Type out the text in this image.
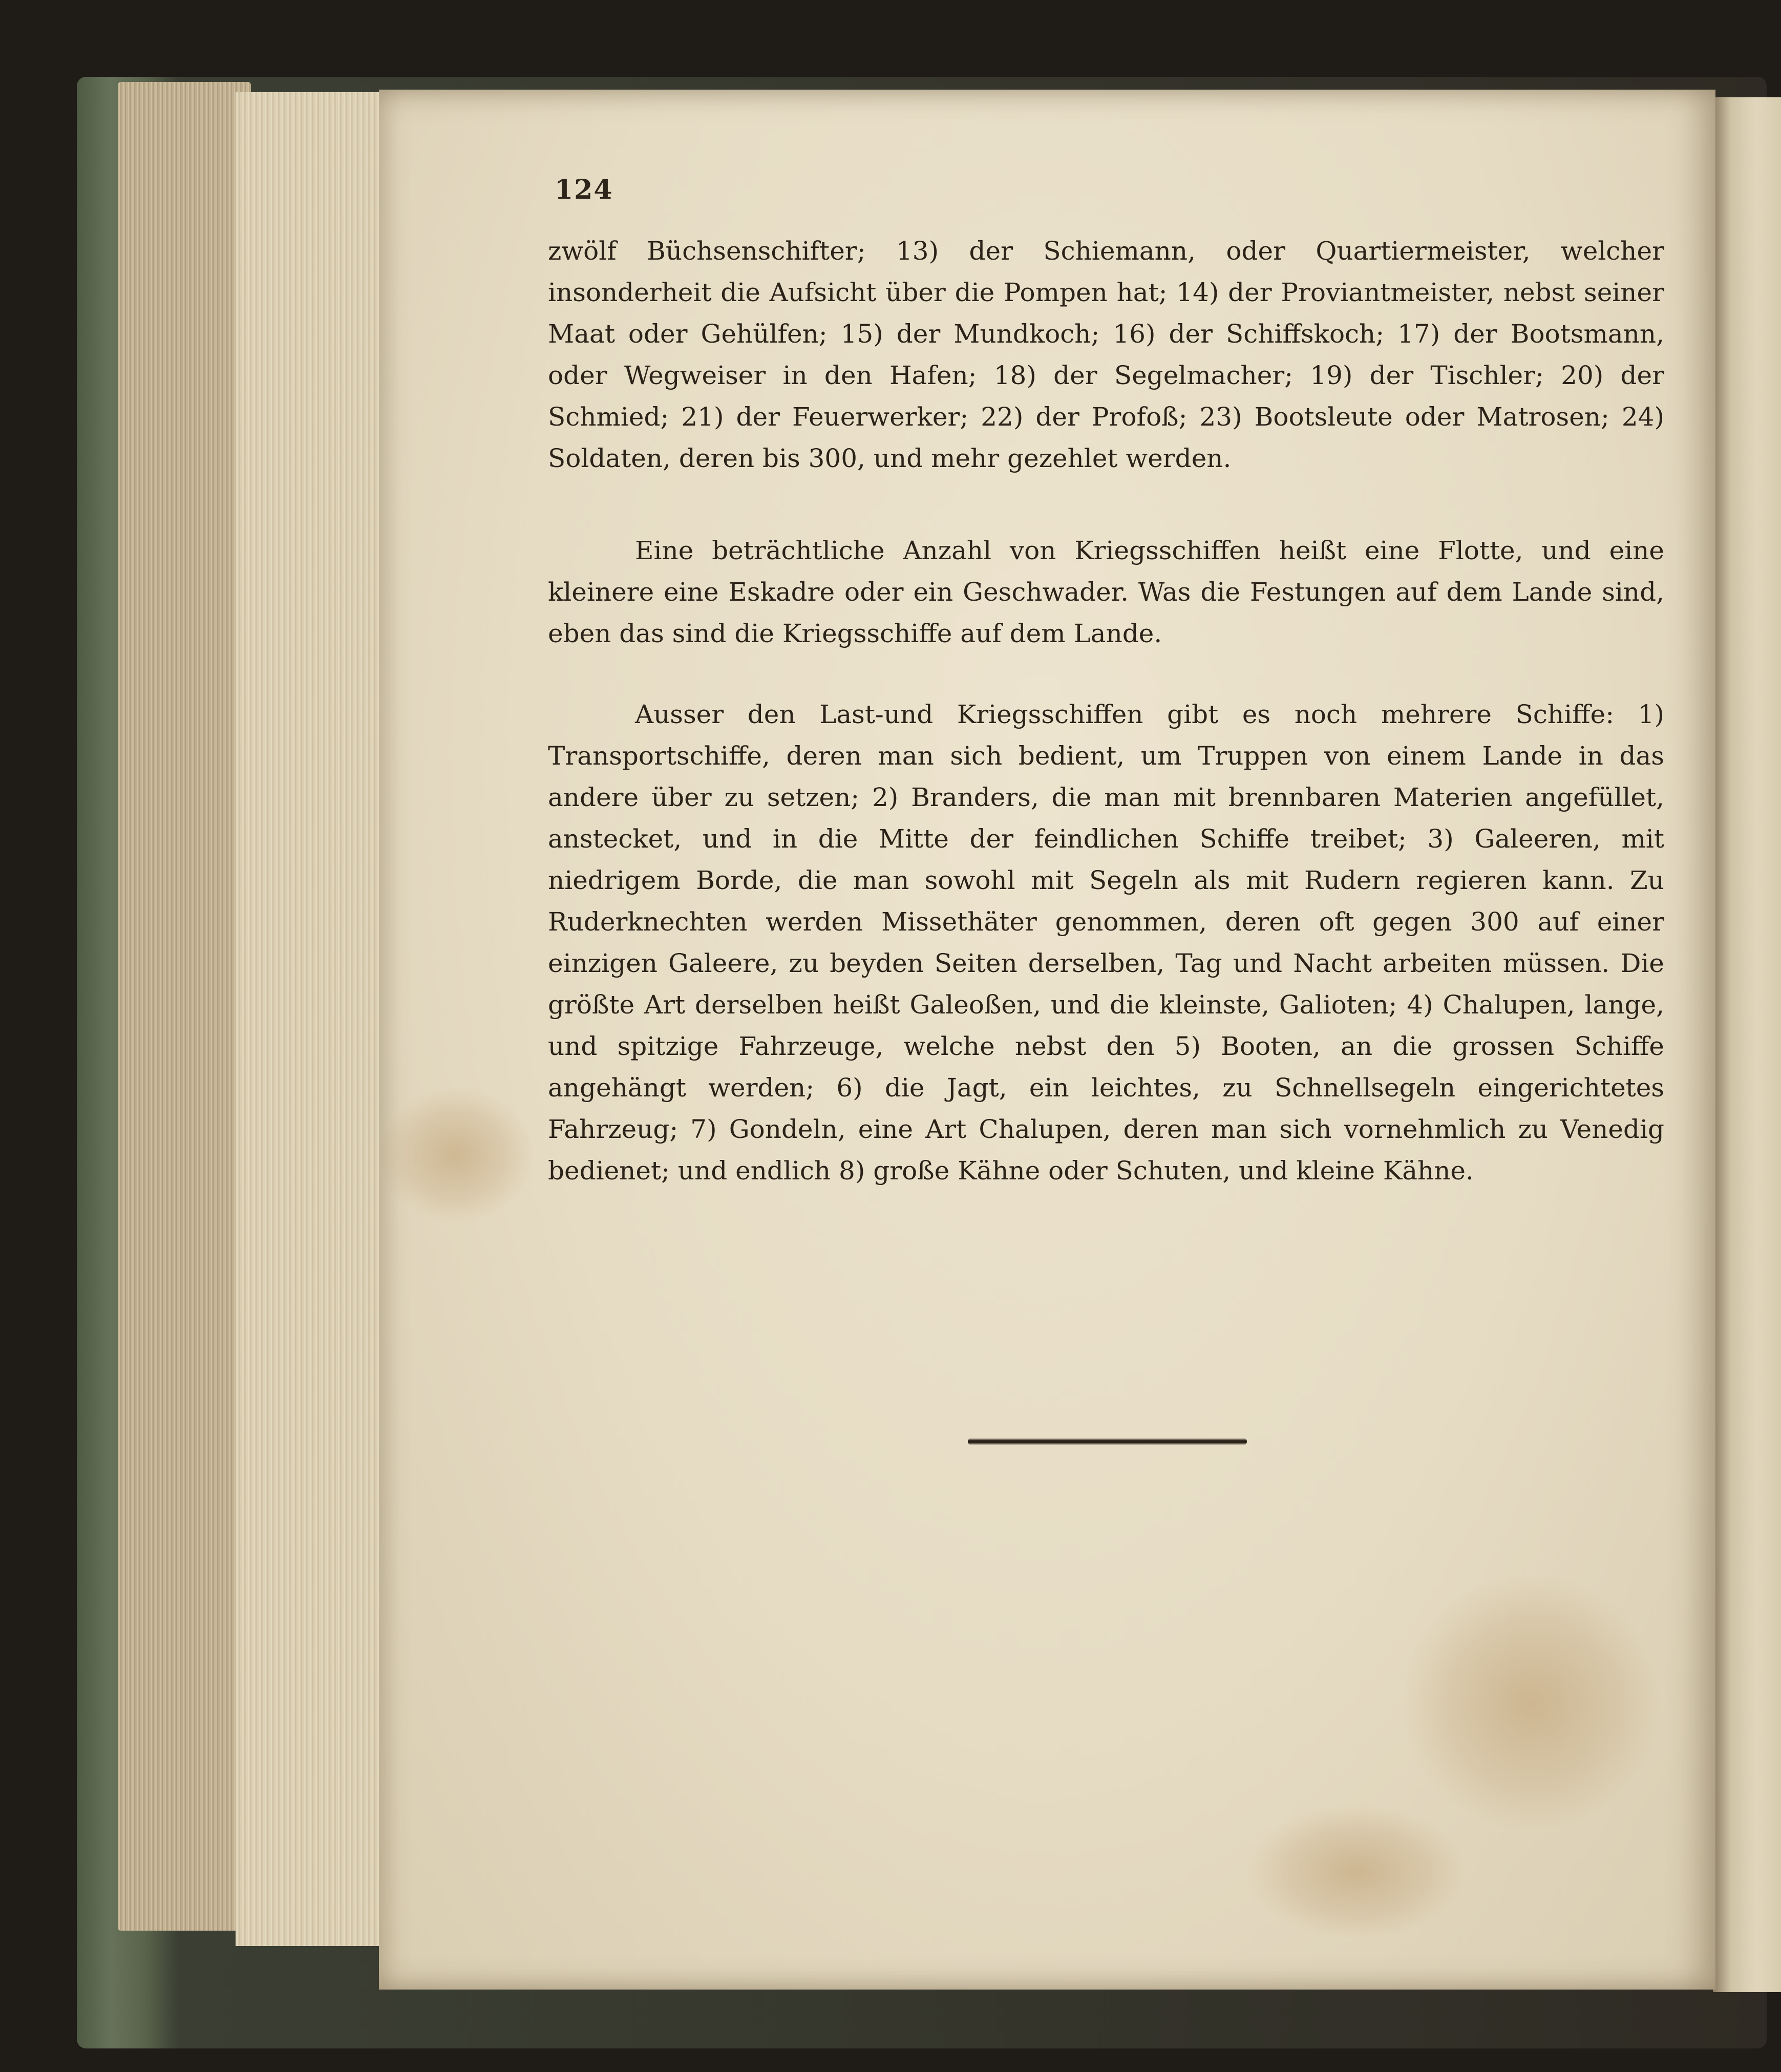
124

zwölf Büchsenschifter; 13) der Schiemann, oder Quartiermeister, welcher insonderheit die Aufsicht über die Pompen hat; 14) der Proviantmeister, nebst seiner Maat oder Gehülfen; 15) der Mundkoch; 16) der Schiffskoch; 17) der Bootsmann, oder Wegweiser in den Hafen; 18) der Segelmacher; 19) der Tischler; 20) der Schmied; 21) der Feuerwerker; 22) der Profoß; 23) Bootsleute oder Matrosen; 24) Soldaten, deren bis 300, und mehr gezehlet werden.

Eine beträchtliche Anzahl von Kriegsschiffen heißt eine Flotte, und eine kleinere eine Eskadre oder ein Geschwader. Was die Festungen auf dem Lande sind, eben das sind die Kriegsschiffe auf dem Lande.

Ausser den Last-und Kriegsschiffen gibt es noch mehrere Schiffe: 1) Transportschiffe, deren man sich bedient, um Truppen von einem Lande in das andere über zu setzen; 2) Branders, die man mit brennbaren Materien angefüllet, anstecket, und in die Mitte der feindlichen Schiffe treibet; 3) Galeeren, mit niedrigem Borde, die man sowohl mit Segeln als mit Rudern regieren kann. Zu Ruderknechten werden Missethäter genommen, deren oft gegen 300 auf einer einzigen Galeere, zu beyden Seiten derselben, Tag und Nacht arbeiten müssen. Die größte Art derselben heißt Galeoßen, und die kleinste, Galioten; 4) Chalupen, lange, und spitzige Fahrzeuge, welche nebst den 5) Booten, an die grossen Schiffe angehängt werden; 6) die Jagt, ein leichtes, zu Schnellsegeln eingerichtetes Fahrzeug; 7) Gondeln, eine Art Chalupen, deren man sich vornehmlich zu Venedig bedienet; und endlich 8) große Kähne oder Schuten, und kleine Kähne.
